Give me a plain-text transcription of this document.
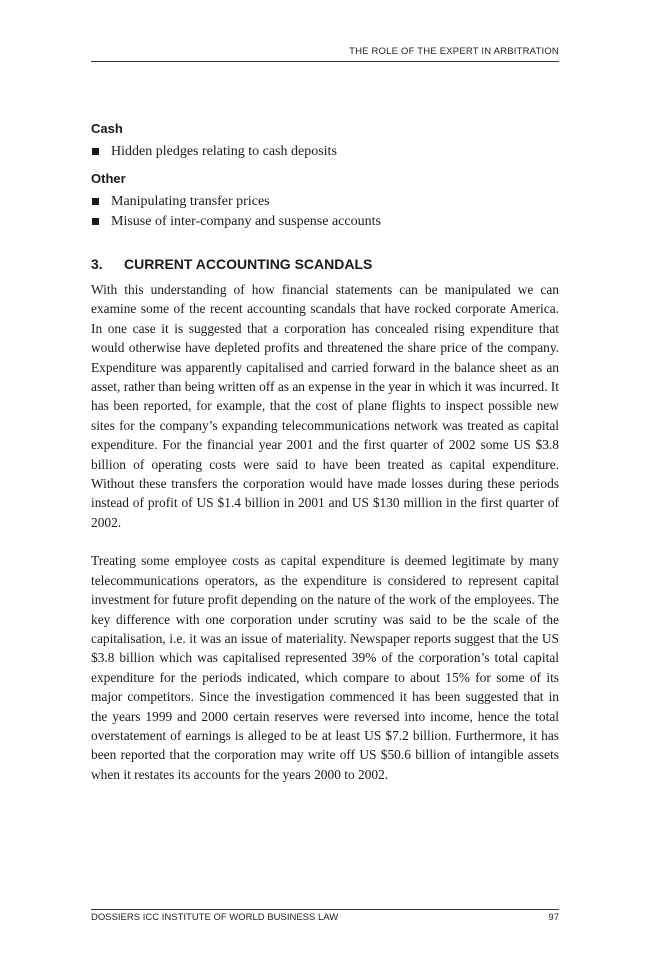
THE ROLE OF THE EXPERT IN ARBITRATION
Cash
Hidden pledges relating to cash deposits
Other
Manipulating transfer prices
Misuse of inter-company and suspense accounts
3.	CURRENT ACCOUNTING SCANDALS

With this understanding of how financial statements can be manipulated we can examine some of the recent accounting scandals that have rocked corporate America. In one case it is suggested that a corporation has concealed rising expenditure that would otherwise have depleted profits and threatened the share price of the company. Expenditure was apparently capitalised and carried forward in the balance sheet as an asset, rather than being written off as an expense in the year in which it was incurred. It has been reported, for example, that the cost of plane flights to inspect possible new sites for the company’s expanding telecommunications network was treated as capital expenditure. For the financial year 2001 and the first quarter of 2002 some US $3.8 billion of operating costs were said to have been treated as capital expenditure. Without these transfers the corporation would have made losses during these periods instead of profit of US $1.4 billion in 2001 and US $130 million in the first quarter of 2002.

Treating some employee costs as capital expenditure is deemed legitimate by many telecommunications operators, as the expenditure is considered to represent capital investment for future profit depending on the nature of the work of the employees. The key difference with one corporation under scrutiny was said to be the scale of the capitalisation, i.e. it was an issue of materiality. Newspaper reports suggest that the US $3.8 billion which was capitalised represented 39% of the corporation’s total capital expenditure for the periods indicated, which compare to about 15% for some of its major competitors. Since the investigation commenced it has been suggested that in the years 1999 and 2000 certain reserves were reversed into income, hence the total overstatement of earnings is alleged to be at least US $7.2 billion. Furthermore, it has been reported that the corporation may write off US $50.6 billion of intangible assets when it restates its accounts for the years 2000 to 2002.

DOSSIERS ICC INSTITUTE OF WORLD BUSINESS LAW	97
